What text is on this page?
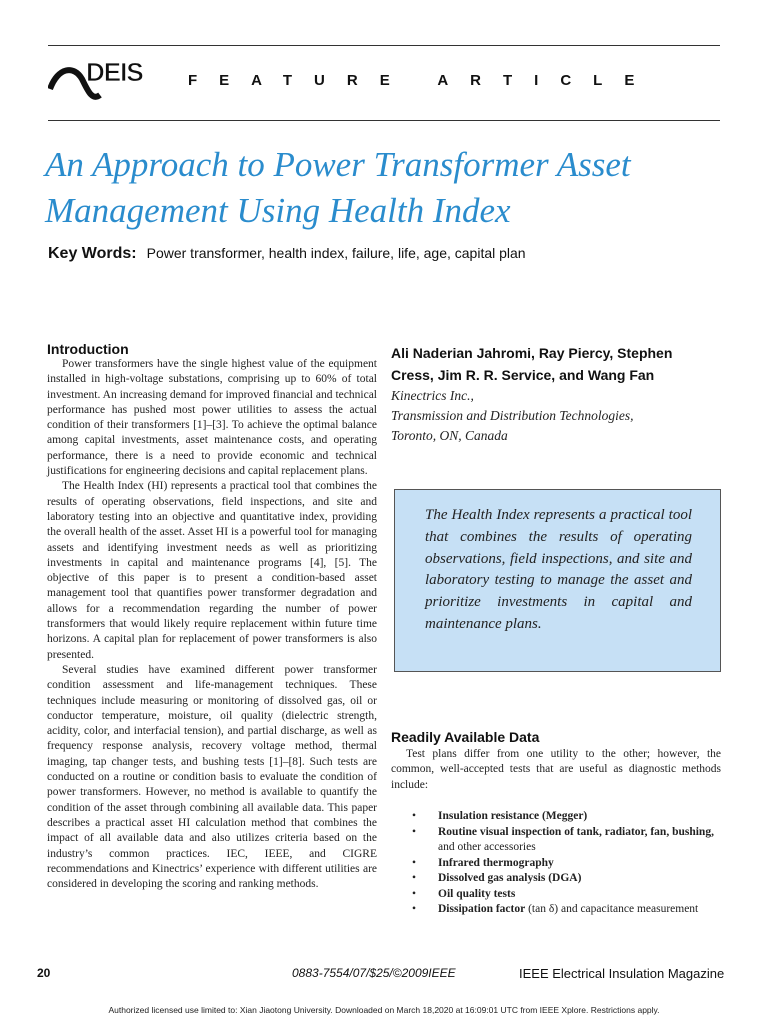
DEIS	FEATURE ARTICLE
An Approach to Power Transformer Asset Management Using Health Index
Key Words: Power transformer, health index, failure, life, age, capital plan
Introduction

Power transformers have the single highest value of the equipment installed in high-voltage substations, comprising up to 60% of total investment. An increasing demand for improved financial and technical performance has pushed most power utilities to assess the actual condition of their transformers [1]–[3]. To achieve the optimal balance among capital investments, asset maintenance costs, and operating performance, there is a need to provide economic and technical justifications for engineering decisions and capital replacement plans.

The Health Index (HI) represents a practical tool that combines the results of operating observations, field inspections, and site and laboratory testing into an objective and quantitative index, providing the overall health of the asset. Asset HI is a powerful tool for managing assets and identifying investment needs as well as prioritizing investments in capital and maintenance programs [4], [5]. The objective of this paper is to present a condition-based asset management tool that quantifies power transformer degradation and allows for a recommendation regarding the number of power transformers that would likely require replacement within future time horizons. A capital plan for replacement of power transformers is also presented.

Several studies have examined different power transformer condition assessment and life-management techniques. These techniques include measuring or monitoring of dissolved gas, oil or conductor temperature, moisture, oil quality (dielectric strength, acidity, color, and interfacial tension), and partial discharge, as well as frequency response analysis, recovery voltage method, thermal imaging, tap changer tests, and bushing tests [1]–[8]. Such tests are conducted on a routine or condition basis to evaluate the condition of power transformers. However, no method is available to quantify the condition of the asset through combining all available data. This paper describes a practical asset HI calculation method that combines the impact of all available data and also utilizes criteria based on the industry’s common practices. IEC, IEEE, and CIGRE recommendations and Kinectrics’ experience with different utilities are considered in developing the scoring and ranking methods.

Ali Naderian Jahromi, Ray Piercy, Stephen
Cress, Jim R. R. Service, and Wang Fan
Kinectrics Inc.,
Transmission and Distribution Technologies,
Toronto, ON, Canada
The Health Index represents a practical tool that combines the results of operating observations, field inspections, and site and laboratory testing to manage the asset and prioritize investments in capital and maintenance plans.
Readily Available Data

Test plans differ from one utility to the other; however, the common, well-accepted tests that are useful as diagnostic methods include:

• Insulation resistance (Megger)
• Routine visual inspection of tank, radiator, fan, bushing, and other accessories
• Infrared thermography
• Dissolved gas analysis (DGA)
• Oil quality tests
• Dissipation factor (tan δ) and capacitance measurement
20	0883-7554/07/$25/©2009IEEE	IEEE Electrical Insulation Magazine
Authorized licensed use limited to: Xian Jiaotong University. Downloaded on March 18,2020 at 16:09:01 UTC from IEEE Xplore. Restrictions apply.
